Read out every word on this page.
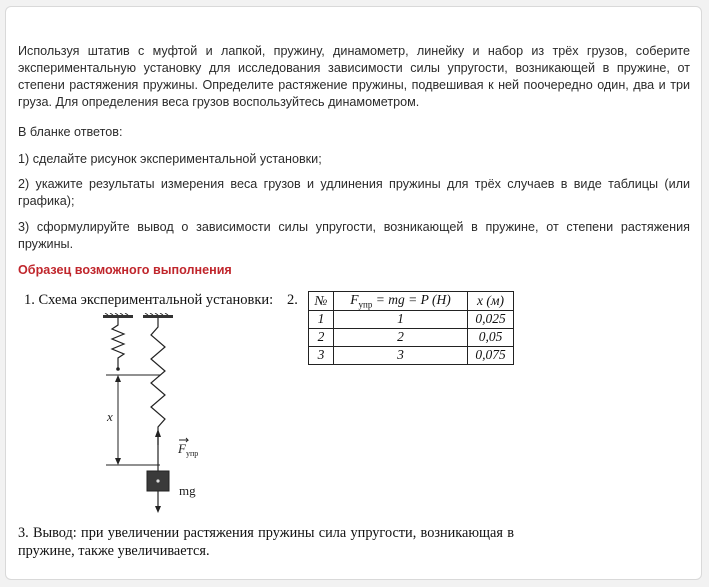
Используя штатив с муфтой и лапкой, пружину, динамометр, линейку и набор из трёх грузов, соберите экспериментальную установку для исследования зависимости силы упругости, возникающей в пружине, от степени растяжения пружины. Определите растяжение пружины, подвешивая к ней поочередно один, два и три груза. Для определения веса грузов воспользуйтесь динамометром.
В бланке ответов:
1) сделайте рисунок экспериментальной установки;
2) укажите результаты измерения веса грузов и удлинения пружины для трёх случаев в виде таблицы (или графика);
3) сформулируйте вывод о зависимости силы упругости, возникающей в пружине, от степени растяжения пружины.
Образец возможного выполнения
1. Схема экспериментальной установки: 2. №	$F_{упр}$ = mg = P (Н)	x (м)
1	1	0,025
2	2	0,05
3	3	0,075
x
$F_{упр}$
mg
3. Вывод: при увеличении растяжения пружины сила упругости, возникающая в пружине, также увеличивается.
